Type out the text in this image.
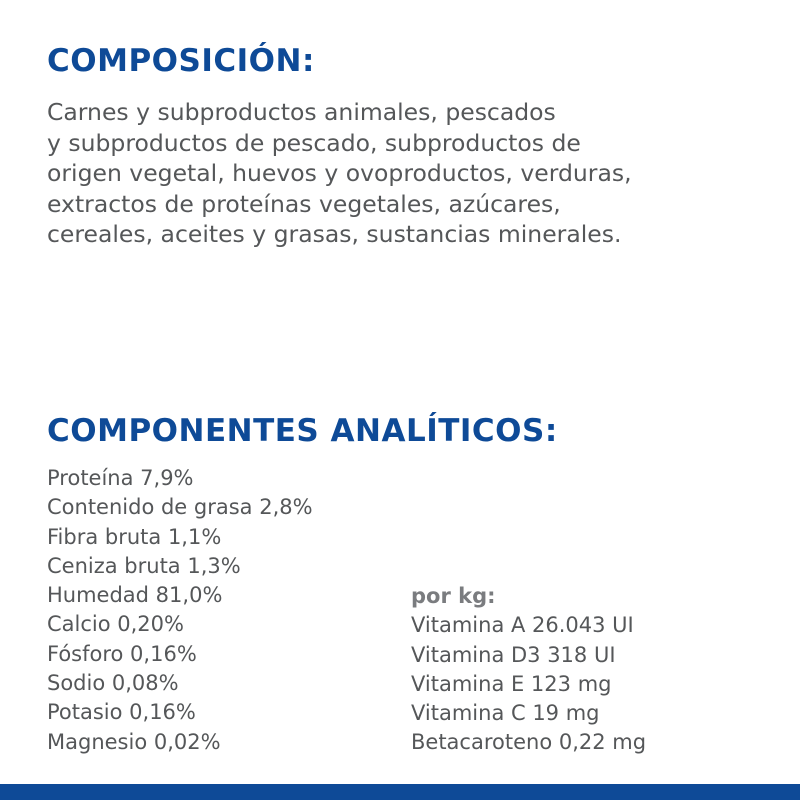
COMPOSICIÓN:

Carnes y subproductos animales, pescados
y subproductos de pescado, subproductos de
origen vegetal, huevos y ovoproductos, verduras,
extractos de proteínas vegetales, azúcares,
cereales, aceites y grasas, sustancias minerales.

COMPONENTES ANALÍTICOS:
Proteína 7,9%
Contenido de grasa 2,8%
Fibra bruta 1,1%
Ceniza bruta 1,3%
Humedad 81,0%
Calcio 0,20%
Fósforo 0,16%
Sodio 0,08%
Potasio 0,16%
Magnesio 0,02%
por kg:
Vitamina A 26.043 UI
Vitamina D3 318 UI
Vitamina E 123 mg
Vitamina C 19 mg
Betacaroteno 0,22 mg
